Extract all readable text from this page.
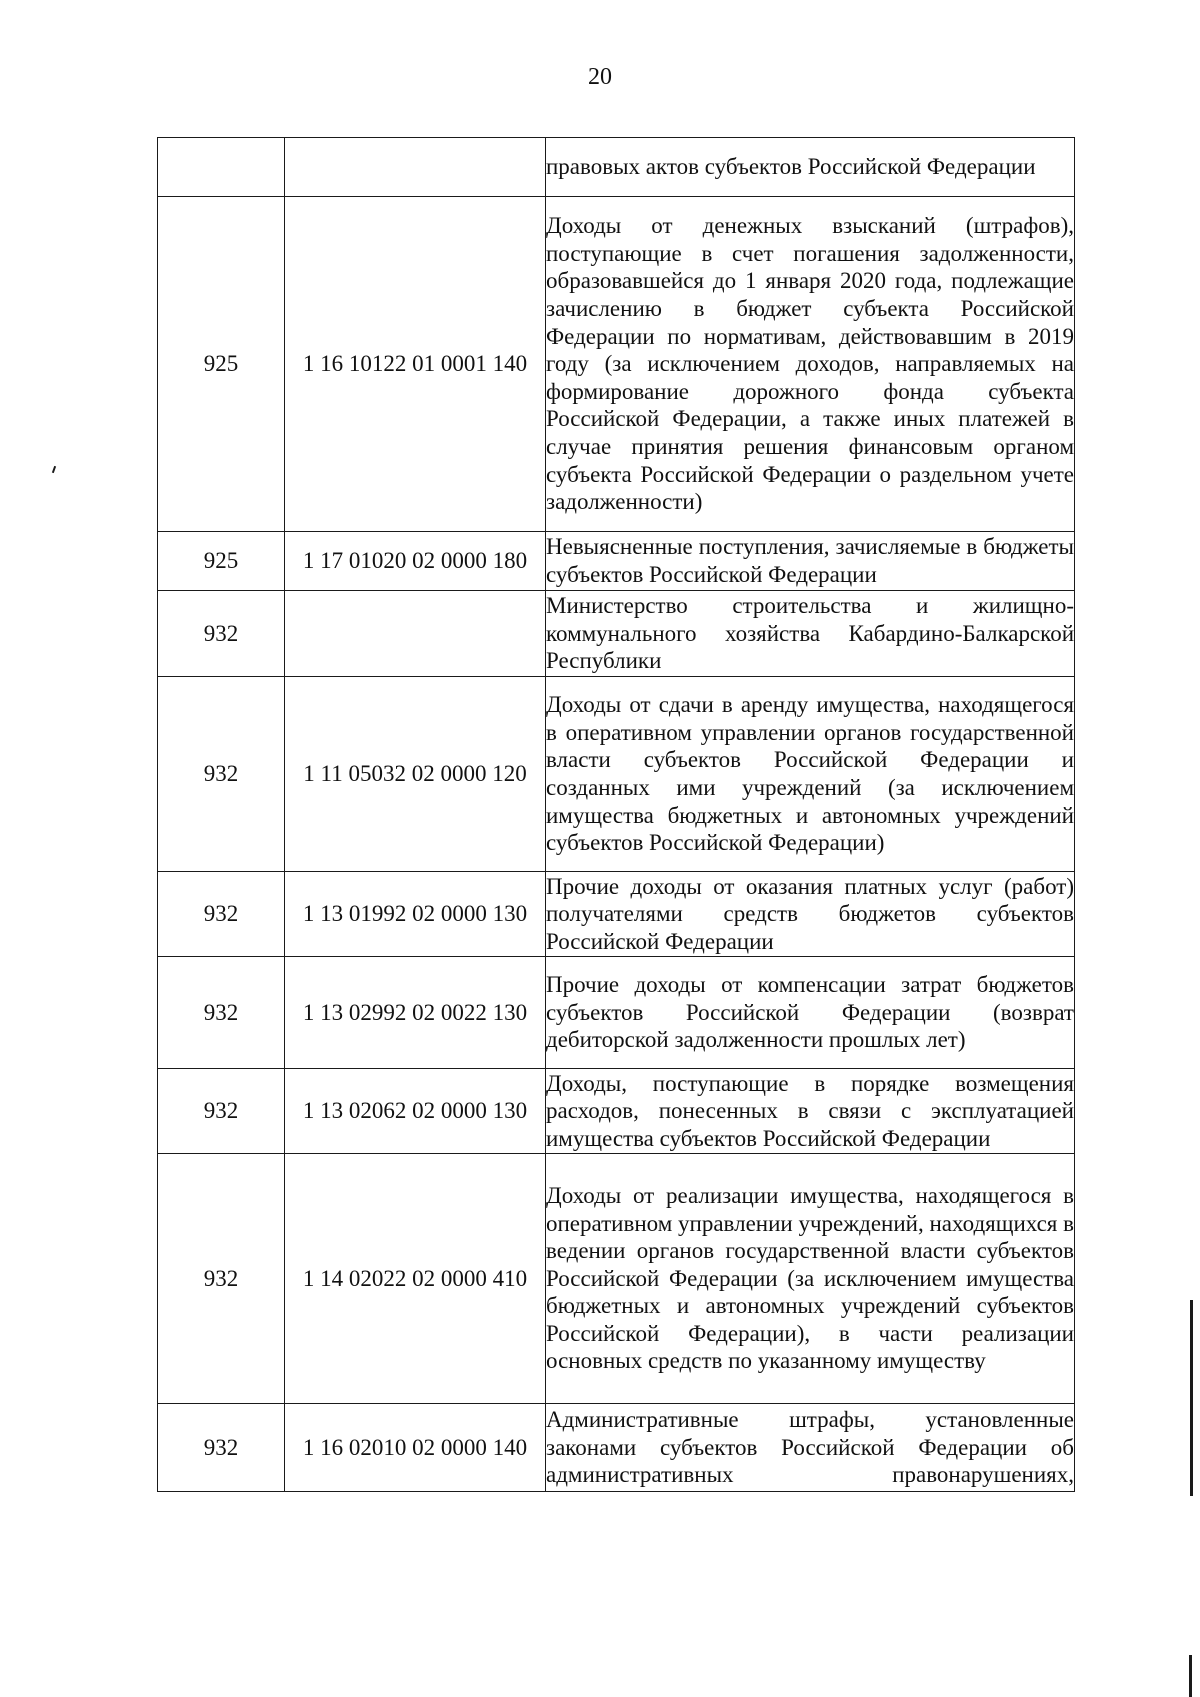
20
		правовых актов субъектов Российской Федерации
925	1 16 10122 01 0001 140	Доходы от денежных взысканий (штрафов), поступающие в счет погашения задолженности, образовавшейся до 1 января 2020 года, подлежащие зачислению в бюджет субъекта Российской Федерации по нормативам, действовавшим в 2019 году (за исключением доходов, направляемых на формирование дорожного фонда субъекта Российской Федерации, а также иных платежей в случае принятия решения финансовым органом субъекта Российской Федерации о раздельном учете задолженности)
925	1 17 01020 02 0000 180	Невыясненные поступления, зачисляемые в бюджеты субъектов Российской Федерации
932		Министерство строительства и жилищно-коммунального хозяйства Кабардино-Балкарской Республики
932	1 11 05032 02 0000 120	Доходы от сдачи в аренду имущества, находящегося в оперативном управлении органов государственной власти субъектов Российской Федерации и созданных ими учреждений (за исключением имущества бюджетных и автономных учреждений субъектов Российской Федерации)
932	1 13 01992 02 0000 130	Прочие доходы от оказания платных услуг (работ) получателями средств бюджетов субъектов Российской Федерации
932	1 13 02992 02 0022 130	Прочие доходы от компенсации затрат бюджетов субъектов Российской Федерации (возврат дебиторской задолженности прошлых лет)
932	1 13 02062 02 0000 130	Доходы, поступающие в порядке возмещения расходов, понесенных в связи с эксплуатацией имущества субъектов Российской Федерации
932	1 14 02022 02 0000 410	Доходы от реализации имущества, находящегося в оперативном управлении учреждений, находящихся в ведении органов государственной власти субъектов Российской Федерации (за исключением имущества бюджетных и автономных учреждений субъектов Российской Федерации), в части реализации основных средств по указанному имуществу
932	1 16 02010 02 0000 140	Административные штрафы, установленные законами субъектов Российской Федерации об административных правонарушениях,
